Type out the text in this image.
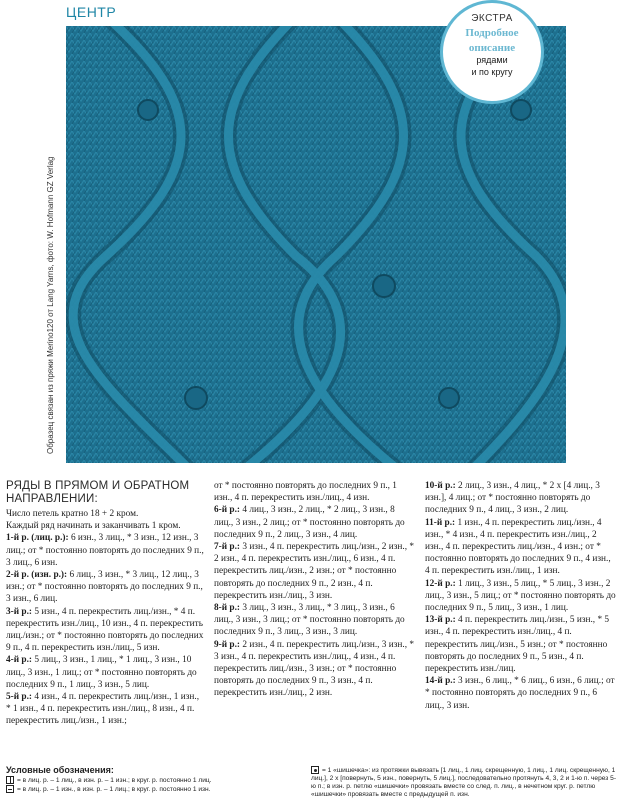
ЦЕНТР
Образец связан из пряжи Merino120 от Lang Yarns, фото: W. Hofmann GZ Verlag
ЭКСТРА
Подробное
описание
рядами
и по кругу

РЯДЫ В ПРЯМОМ И ОБРАТНОМ НАПРАВЛЕНИИ:

Число петель кратно 18 + 2 кром.

Каждый ряд начинать и заканчивать 1 кром.

1-й р. (лиц. р.): 6 изн., 3 лиц., * 3 изн., 12 изн., 3 лиц.; от * постоянно повторять до последних 9 п., 3 лиц., 6 изн.

2-й р. (изн. р.): 6 лиц., 3 изн., * 3 лиц., 12 лиц., 3 изн.; от * постоянно повторять до последних 9 п., 3 изн., 6 лиц.

3-й р.: 5 изн., 4 п. перекрестить лиц./изн., * 4 п. перекрестить изн./лиц., 10 изн., 4 п. перекрестить лиц./изн.; от * постоянно повторять до последних 9 п., 4 п. перекрестить изн./лиц., 5 изн.

4-й р.: 5 лиц., 3 изн., 1 лиц., * 1 лиц., 3 изн., 10 лиц., 3 изн., 1 лиц.; от * постоянно повторять до последних 9 п., 1 лиц., 3 изн., 5 лиц.

5-й р.: 4 изн., 4 п. перекрестить лиц./изн., 1 изн., * 1 изн., 4 п. перекрестить изн./лиц., 8 изн., 4 п. перекрестить лиц./изн., 1 изн.;

от * постоянно повторять до последних 9 п., 1 изн., 4 п. перекрестить изн./лиц., 4 изн.

6-й р.: 4 лиц., 3 изн., 2 лиц., * 2 лиц., 3 изн., 8 лиц., 3 изн., 2 лиц.; от * постоянно повторять до последних 9 п., 2 лиц., 3 изн., 4 лиц.

7-й р.: 3 изн., 4 п. перекрестить лиц./изн., 2 изн., * 2 изн., 4 п. перекрестить изн./лиц., 6 изн., 4 п. перекрестить лиц./изн., 2 изн.; от * постоянно повторять до последних 9 п., 2 изн., 4 п. перекрестить изн./лиц., 3 изн.

8-й р.: 3 лиц., 3 изн., 3 лиц., * 3 лиц., 3 изн., 6 лиц., 3 изн., 3 лиц.; от * постоянно повторять до последних 9 п., 3 лиц., 3 изн., 3 лиц.

9-й р.: 2 изн., 4 п. перекрестить лиц./изн., 3 изн., * 3 изн., 4 п. перекрестить изн./лиц., 4 изн., 4 п. перекрестить лиц./изн., 3 изн.; от * постоянно повторять до последних 9 п., 3 изн., 4 п. перекрестить изн./лиц., 2 изн.

10-й р.: 2 лиц., 3 изн., 4 лиц., * 2 х [4 лиц., 3 изн.], 4 лиц.; от * постоянно повторять до последних 9 п., 4 лиц., 3 изн., 2 лиц.

11-й р.: 1 изн., 4 п. перекрестить лиц./изн., 4 изн., * 4 изн., 4 п. перекрестить изн./лиц., 2 изн., 4 п. перекрестить лиц./изн., 4 изн.; от * постоянно повторять до последних 9 п., 4 изн., 4 п. перекрестить изн./лиц., 1 изн.

12-й р.: 1 лиц., 3 изн., 5 лиц., * 5 лиц., 3 изн., 2 лиц., 3 изн., 5 лиц.; от * постоянно повторять до последних 9 п., 5 лиц., 3 изн., 1 лиц.

13-й р.: 4 п. перекрестить лиц./изн., 5 изн., * 5 изн., 4 п. перекрестить изн./лиц., 4 п. перекрестить лиц./изн., 5 изн.; от * постоянно повторять до последних 9 п., 5 изн., 4 п. перекрестить изн./лиц.

14-й р.: 3 изн., 6 лиц., * 6 лиц., 6 изн., 6 лиц.; от * постоянно повторять до последних 9 п., 6 лиц., 3 изн.

Условные обозначения:
= в лиц. р. – 1 лиц., в изн. р. – 1 изн.; в круг. р. постоянно 1 лиц.
= в лиц. р. – 1 изн., в изн. р. – 1 лиц.; в круг. р. постоянно 1 изн.
= 1 «шишечка»: из протяжки вывязать [1 лиц., 1 лиц. скрещенную, 1 лиц., 1 лиц. скрещенную, 1 лиц.], 2 х [повернуть, 5 изн., повернуть, 5 лиц.], последовательно протянуть 4, 3, 2 и 1-ю п. через 5-ю п.; в изн. р. петлю «шишечки» провязать вместе со след. п. лиц., в нечетном круг. р. петлю «шишечки» провязать вместе с предыдущей п. изн.
